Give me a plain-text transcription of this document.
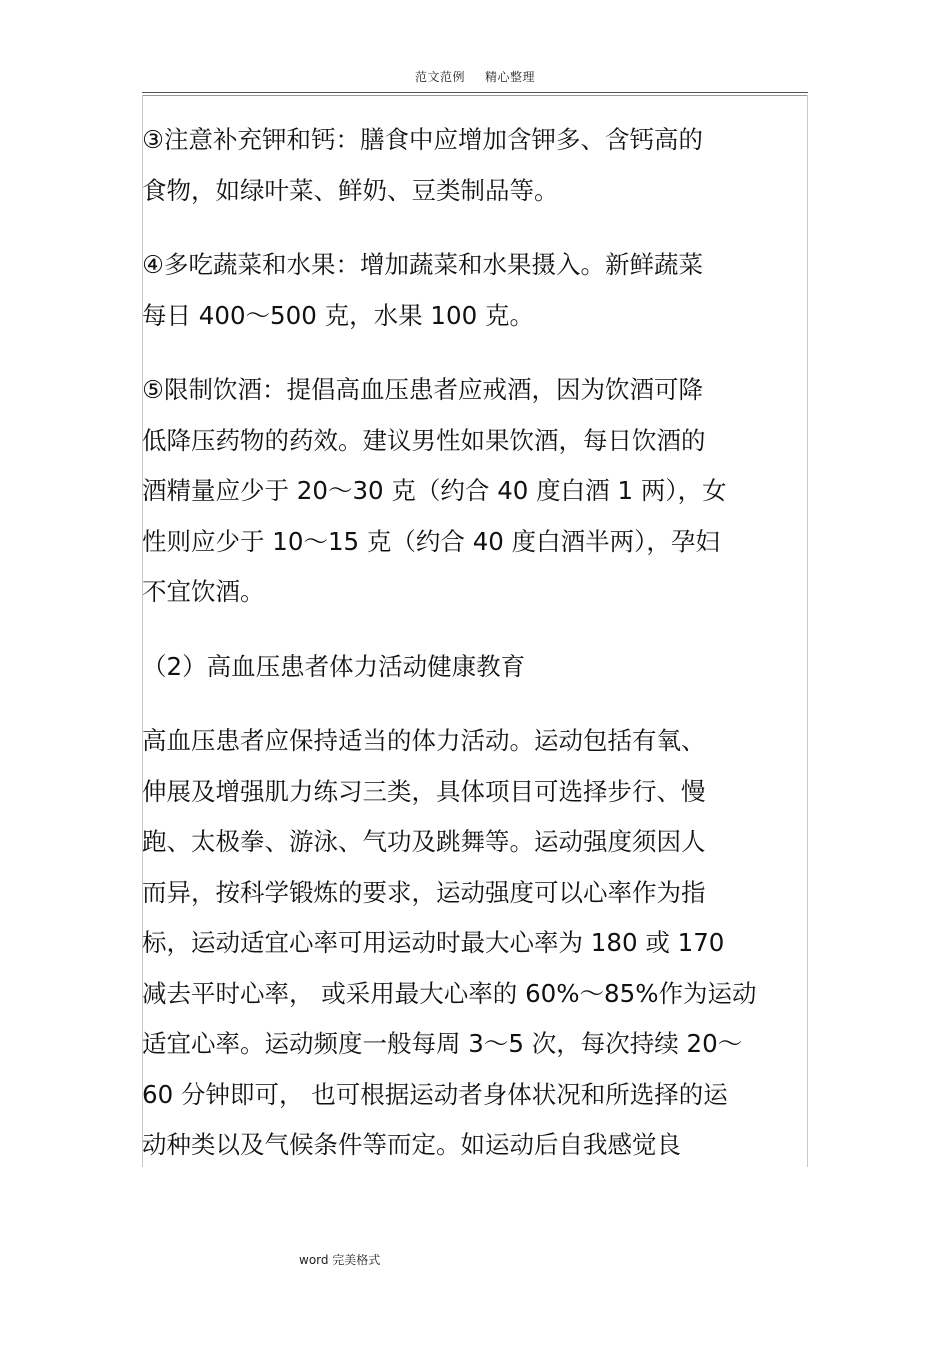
范文范例 精心整理

③注意补充钾和钙：膳食中应增加含钾多、含钙高的
食物，如绿叶菜、鲜奶、豆类制品等。

④多吃蔬菜和水果：增加蔬菜和水果摄入。新鲜蔬菜
每日 400～500 克，水果 100 克。

⑤限制饮酒：提倡高血压患者应戒酒，因为饮酒可降
低降压药物的药效。建议男性如果饮酒，每日饮酒的
酒精量应少于 20～30 克（约合 40 度白酒 1 两），女
性则应少于 10～15 克（约合 40 度白酒半两），孕妇
不宜饮酒。

（2）高血压患者体力活动健康教育

高血压患者应保持适当的体力活动。运动包括有氧、
伸展及增强肌力练习三类，具体项目可选择步行、慢
跑、太极拳、游泳、气功及跳舞等。运动强度须因人
而异，按科学锻炼的要求，运动强度可以心率作为指
标，运动适宜心率可用运动时最大心率为 180 或 170
减去平时心率， 或采用最大心率的 60%～85%作为运动
适宜心率。运动频度一般每周 3～5 次，每次持续 20～
60 分钟即可， 也可根据运动者身体状况和所选择的运
动种类以及气候条件等而定。如运动后自我感觉良

word 完美格式
